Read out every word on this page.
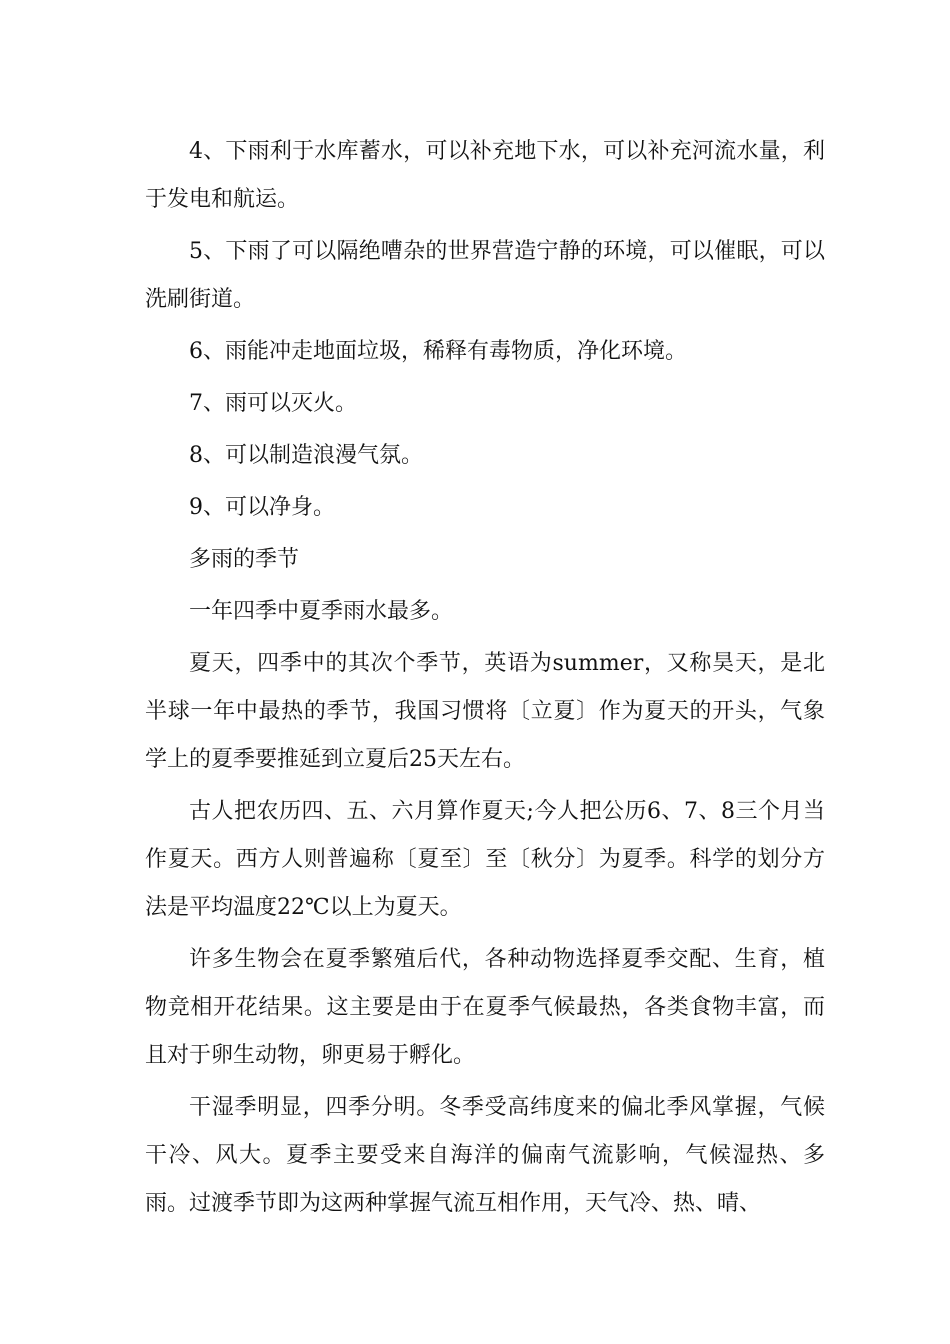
4、下雨利于水库蓄水，可以补充地下水，可以补充河流水量，利于发电和航运。

5、下雨了可以隔绝嘈杂的世界营造宁静的环境，可以催眠，可以洗刷街道。

6、雨能冲走地面垃圾，稀释有毒物质，净化环境。

7、雨可以灭火。

8、可以制造浪漫气氛。

9、可以净身。

多雨的季节

一年四季中夏季雨水最多。

夏天，四季中的其次个季节，英语为summer，又称昊天，是北半球一年中最热的季节，我国习惯将〔立夏〕作为夏天的开头，气象学上的夏季要推延到立夏后25天左右。

古人把农历四、五、六月算作夏天;今人把公历6、7、8三个月当作夏天。西方人则普遍称〔夏至〕至〔秋分〕为夏季。科学的划分方法是平均温度22℃以上为夏天。

许多生物会在夏季繁殖后代，各种动物选择夏季交配、生育，植物竞相开花结果。这主要是由于在夏季气候最热，各类食物丰富，而且对于卵生动物，卵更易于孵化。

干湿季明显，四季分明。冬季受高纬度来的偏北季风掌握，气候干冷、风大。夏季主要受来自海洋的偏南气流影响，气候湿热、多雨。过渡季节即为这两种掌握气流互相作用，天气冷、热、晴、
